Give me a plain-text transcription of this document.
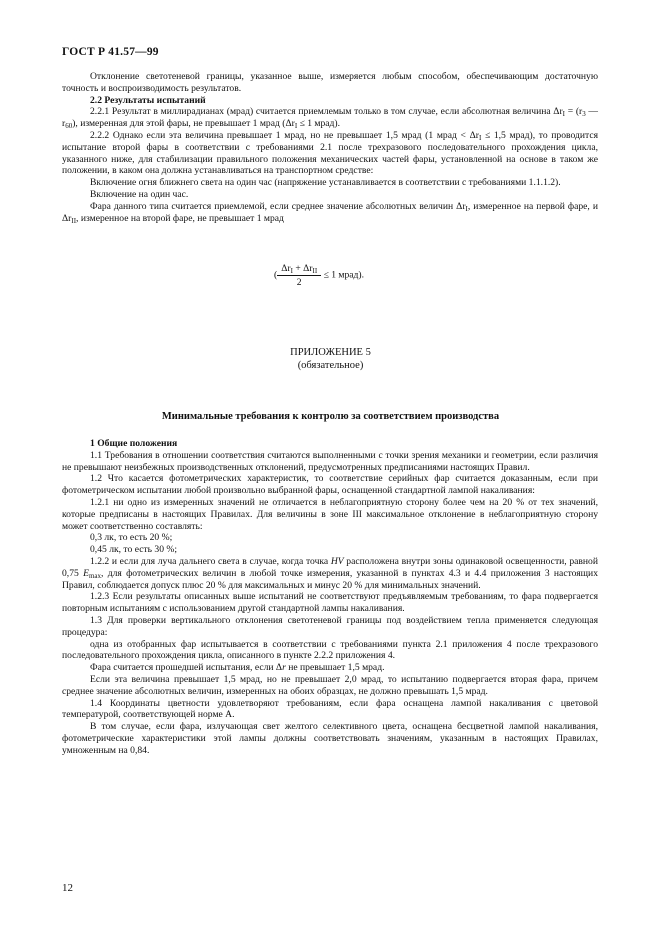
ГОСТ Р 41.57—99

Отклонение светотеневой границы, указанное выше, измеряется любым способом, обеспечивающим достаточную точность и воспроизводимость результатов.

2.2 Результаты испытаний

2.2.1 Результат в миллирадианах (мрад) считается приемлемым только в том случае, если абсолютная величина $\Delta r_I = (r_3$ — $r_{60}$), измеренная для этой фары, не превышает 1 мрад ($\Delta r_I \le 1$ мрад).

2.2.2 Однако если эта величина превышает 1 мрад, но не превышает 1,5 мрад (1 мрад < $\Delta r_I \le 1,5$ мрад), то проводится испытание второй фары в соответствии с требованиями 2.1 после трехразового последовательного прохождения цикла, указанного ниже, для стабилизации правильного положения механических частей фары, установленной на основе в таком же положении, в каком она должна устанавливаться на транспортном средстве:

Включение огня ближнего света на один час (напряжение устанавливается в соответствии с требованиями 1.1.1.2).

Включение на один час.

Фара данного типа считается приемлемой, если среднее значение абсолютных величин $\Delta r_I$, измеренное на первой фаре, и $\Delta r_{II}$, измеренное на второй фаре, не превышает 1 мрад

( $\frac{\Delta r_I + \Delta r_{II}}{2} \le 1$ мрад).
ПРИЛОЖЕНИЕ 5
(обязательное)
Минимальные требования к контролю за соответствием производства

1 Общие положения

1.1 Требования в отношении соответствия считаются выполненными с точки зрения механики и геометрии, если различия не превышают неизбежных производственных отклонений, предусмотренных предписаниями настоящих Правил.

1.2 Что касается фотометрических характеристик, то соответствие серийных фар считается доказанным, если при фотометрическом испытании любой произвольно выбранной фары, оснащенной стандартной лампой накаливания:

1.2.1 ни одно из измеренных значений не отличается в неблагоприятную сторону более чем на 20 % от тех значений, которые предписаны в настоящих Правилах. Для величины в зоне III максимальное отклонение в неблагоприятную сторону может соответственно составлять:

0,3 лк, то есть 20 %;

0,45 лк, то есть 30 %;

1.2.2 и если для луча дальнего света в случае, когда точка HV расположена внутри зоны одинаковой освещенности, равной 0,75 $E_{max}$, для фотометрических величин в любой точке измерения, указанной в пунктах 4.3 и 4.4 приложения 3 настоящих Правил, соблюдается допуск плюс 20 % для максимальных и минус 20 % для минимальных значений.

1.2.3 Если результаты описанных выше испытаний не соответствуют предъявляемым требованиям, то фара подвергается повторным испытаниям с использованием другой стандартной лампы накаливания.

1.3 Для проверки вертикального отклонения светотеневой границы под воздействием тепла применяется следующая процедура:

одна из отобранных фар испытывается в соответствии с требованиями пункта 2.1 приложения 4 после трехразового последовательного прохождения цикла, описанного в пункте 2.2.2 приложения 4.

Фара считается прошедшей испытания, если Δr не превышает 1,5 мрад.

Если эта величина превышает 1,5 мрад, но не превышает 2,0 мрад, то испытанию подвергается вторая фара, причем среднее значение абсолютных величин, измеренных на обоих образцах, не должно превышать 1,5 мрад.

1.4 Координаты цветности удовлетворяют требованиям, если фара оснащена лампой накаливания с цветовой температурой, соответствующей норме А.

В том случае, если фара, излучающая свет желтого селективного цвета, оснащена бесцветной лампой накаливания, фотометрические характеристики этой лампы должны соответствовать значениям, указанным в настоящих Правилах, умноженным на 0,84.

12
